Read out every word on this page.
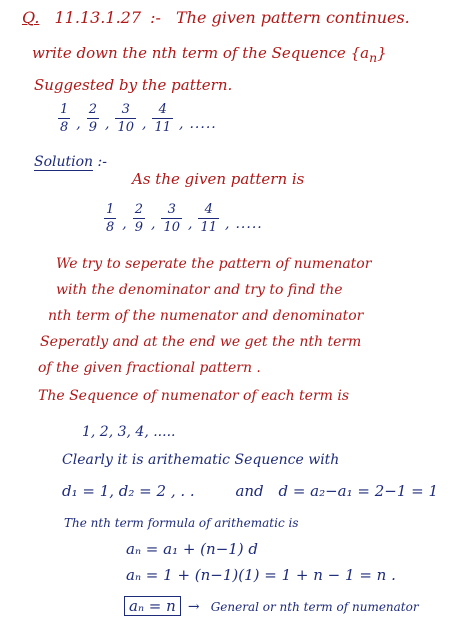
Q. 11.13.1.27 :- The given pattern continues.
write down the nth term of the Sequence $\{a_n\}$
Suggested by the pattern.
$\frac{1}{8}$ , $\frac{2}{9}$ , $\frac{3}{10}$ , $\frac{4}{11}$ , .....
Solution :-
As the given pattern is
$\frac{1}{8}$ , $\frac{2}{9}$ , $\frac{3}{10}$ , $\frac{4}{11}$ , .....
We try to seperate the pattern of numenator
with the denominator and try to find the
nth term of the numenator and denominator
Seperatly and at the end we get the nth term
of the given fractional pattern .
The Sequence of numenator of each term is
1, 2, 3, 4, .....
Clearly it is arithematic Sequence with
d₁ = 1, d₂ = 2 , . .	and d = a₂−a₁ = 2−1 = 1
The nth term formula of arithematic is
aₙ = a₁ + (n−1) d
aₙ = 1 + (n−1)(1) = 1 + n − 1 = n .
aₙ = n → General or nth term of numenator
